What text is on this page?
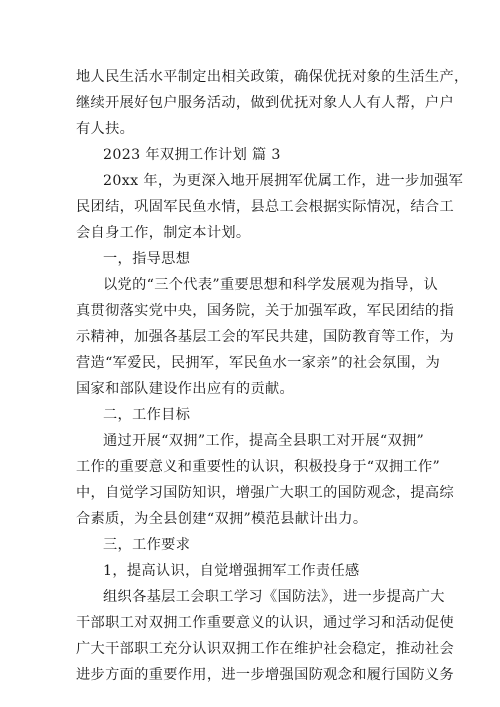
地人民生活水平制定出相关政策，确保优抚对象的生活生产，
继续开展好包户服务活动，做到优抚对象人人有人帮，户户
有人扶。
2023 年双拥工作计划 篇 3
20xx 年，为更深入地开展拥军优属工作，进一步加强军
民团结，巩固军民鱼水情，县总工会根据实际情况，结合工
会自身工作，制定本计划。
一，指导思想
以党的“三个代表”重要思想和科学发展观为指导，认
真贯彻落实党中央，国务院，关于加强军政，军民团结的指
示精神，加强各基层工会的军民共建，国防教育等工作，为
营造“军爱民，民拥军，军民鱼水一家亲”的社会氛围，为
国家和部队建设作出应有的贡献。
二，工作目标
通过开展“双拥”工作，提高全县职工对开展“双拥”
工作的重要意义和重要性的认识，积极投身于“双拥工作”
中，自觉学习国防知识，增强广大职工的国防观念，提高综
合素质，为全县创建“双拥”模范县献计出力。
三，工作要求
1，提高认识，自觉增强拥军工作责任感
组织各基层工会职工学习《国防法》，进一步提高广大
干部职工对双拥工作重要意义的认识，通过学习和活动促使
广大干部职工充分认识双拥工作在维护社会稳定，推动社会
进步方面的重要作用，进一步增强国防观念和履行国防义务
